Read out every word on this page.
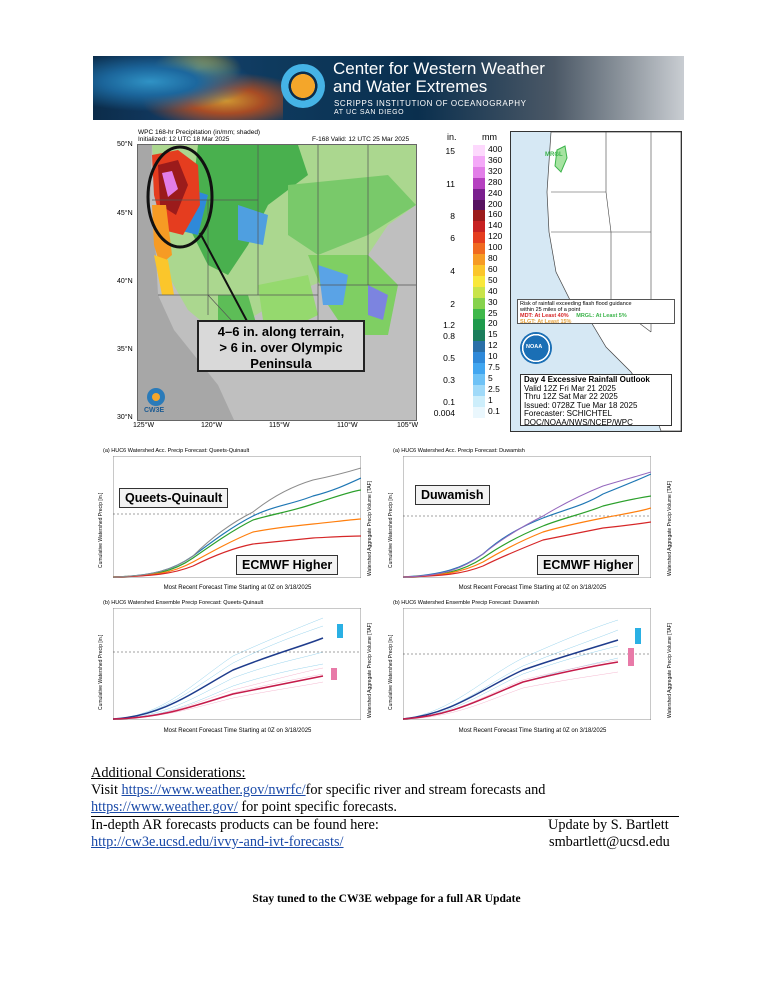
Center for Western Weather
and Water Extremes
SCRIPPS INSTITUTION OF OCEANOGRAPHY
AT UC SAN DIEGO
WPC 168-hr Precipitation (in/mm; shaded)
Initialized: 12 UTC 18 Mar 2025	F-168 Valid: 12 UTC 25 Mar 2025
50°N
45°N
40°N
35°N
30°N
125°W	120°W	115°W	110°W	105°W
CW3E
4–6 in. along terrain,
> 6 in. over Olympic
Peninsula
in.	mm
15
11
8
6
4
2
1.2
0.8
0.5
0.3
0.1
0.004
400
360
320
280
240
200
160
140
120
100
80
60
50
40
30
25
20
15
12
10
7.5
5
2.5
1
0.1
MRGL
Risk of rainfall exceeding flash flood guidance
within 25 miles of a point
MDT: At Least 40% MRGL: At Least 5%
SLGT: At Least 15%
NOAA
Day 4 Excessive Rainfall Outlook
Valid 12Z Fri Mar 21 2025
Thru 12Z Sat Mar 22 2025
Issued: 0728Z Tue Mar 18 2025
Forecaster: SCHICHTEL
DOC/NOAA/NWS/NCEP/WPC
(a) HUC6 Watershed Acc. Precip Forecast: Queets-Quinault
Queets-Quinault
ECMWF Higher
Most Recent Forecast Time Starting at 0Z on 3/18/2025
Cumulative Watershed Precip [in.]	Watershed Aggregate Precip Volume [TAF]
(a) HUC6 Watershed Acc. Precip Forecast: Duwamish
Duwamish
ECMWF Higher
Most Recent Forecast Time Starting at 0Z on 3/18/2025
Cumulative Watershed Precip [in.]	Watershed Aggregate Precip Volume [TAF]
(b) HUC6 Watershed Ensemble Precip Forecast: Queets-Quinault
Most Recent Forecast Time Starting at 0Z on 3/18/2025
Cumulative Watershed Precip [in.]	Watershed Aggregate Precip Volume [TAF]
(b) HUC6 Watershed Ensemble Precip Forecast: Duwamish
Most Recent Forecast Time Starting at 0Z on 3/18/2025
Cumulative Watershed Precip [in.]	Watershed Aggregate Precip Volume [TAF]
Additional Considerations:
Visit https://www.weather.gov/nwrfc/for specific river and stream forecasts and
https://www.weather.gov/ for point specific forecasts.
In-depth AR forecasts products can be found here:	Update by S. Bartlett
http://cw3e.ucsd.edu/ivvy-and-ivt-forecasts/	smbartlett@ucsd.edu
Stay tuned to the CW3E webpage for a full AR Update
